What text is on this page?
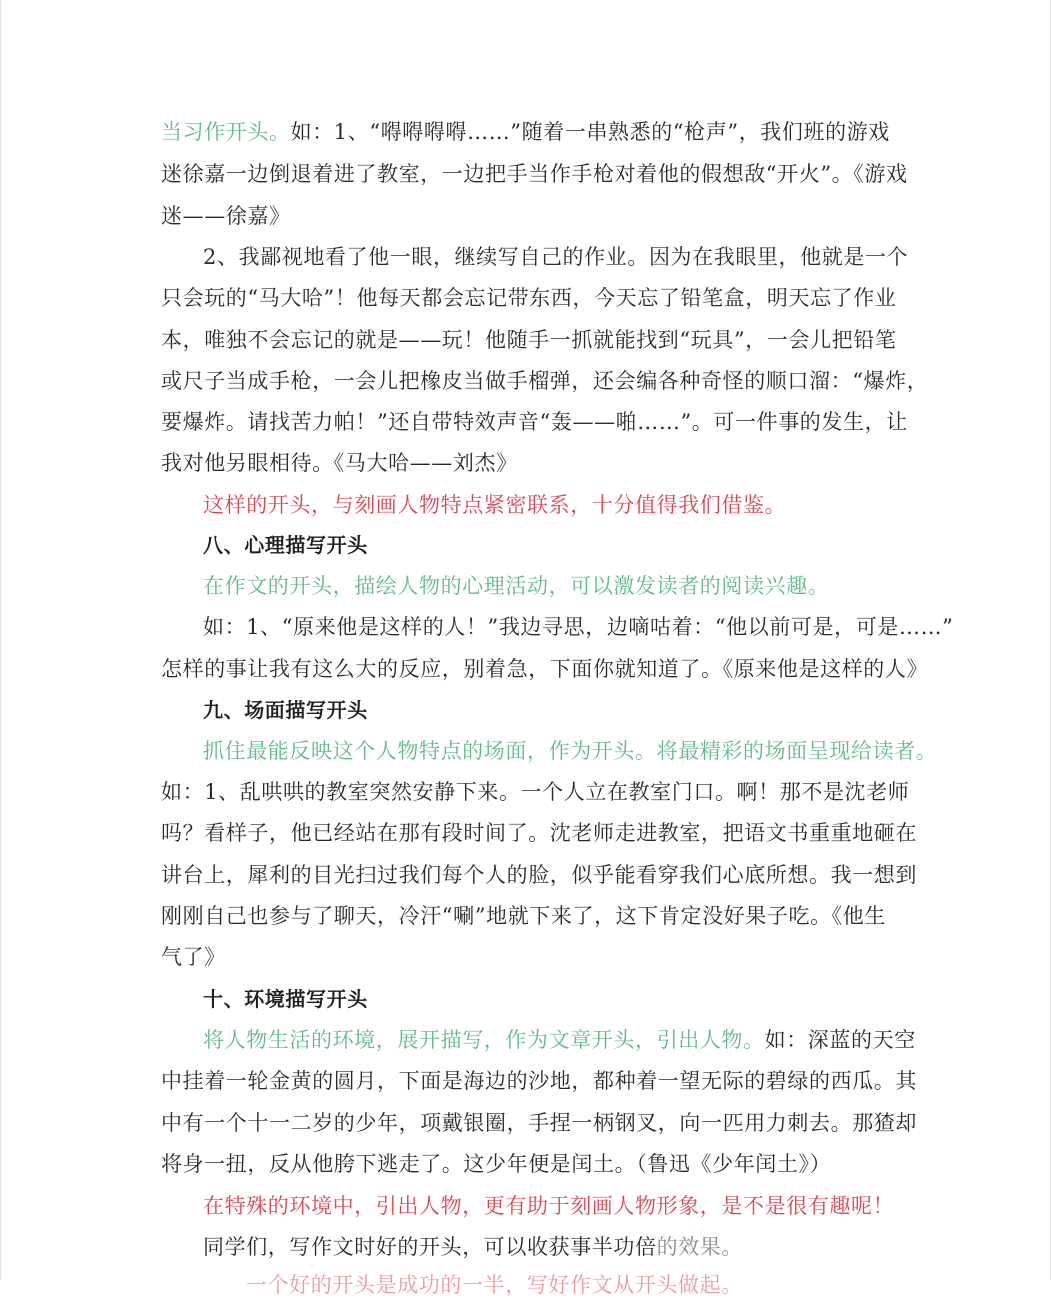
当习作开头。如：1、“嘚嘚嘚嘚……”随着一串熟悉的“枪声”，我们班的游戏
迷徐嘉一边倒退着进了教室，一边把手当作手枪对着他的假想敌“开火”。《游戏
迷——徐嘉》
2、我鄙视地看了他一眼，继续写自己的作业。因为在我眼里，他就是一个
只会玩的“马大哈”！他每天都会忘记带东西，今天忘了铅笔盒，明天忘了作业
本，唯独不会忘记的就是——玩！他随手一抓就能找到“玩具”，一会儿把铅笔
或尺子当成手枪，一会儿把橡皮当做手榴弹，还会编各种奇怪的顺口溜：“爆炸，
要爆炸。请找苦力帕！”还自带特效声音“轰——啪……”。可一件事的发生，让
我对他另眼相待。《马大哈——刘杰》
这样的开头，与刻画人物特点紧密联系，十分值得我们借鉴。
八、心理描写开头
在作文的开头，描绘人物的心理活动，可以激发读者的阅读兴趣。
如：1、“原来他是这样的人！”我边寻思，边嘀咕着：“他以前可是，可是……”
怎样的事让我有这么大的反应，别着急，下面你就知道了。《原来他是这样的人》
九、场面描写开头
抓住最能反映这个人物特点的场面，作为开头。将最精彩的场面呈现给读者。
如：1、乱哄哄的教室突然安静下来。一个人立在教室门口。啊！那不是沈老师
吗？看样子，他已经站在那有段时间了。沈老师走进教室，把语文书重重地砸在
讲台上，犀利的目光扫过我们每个人的脸，似乎能看穿我们心底所想。我一想到
刚刚自己也参与了聊天，冷汗“唰”地就下来了，这下肯定没好果子吃。《他生
气了》
十、环境描写开头
将人物生活的环境，展开描写，作为文章开头，引出人物。如：深蓝的天空
中挂着一轮金黄的圆月，下面是海边的沙地，都种着一望无际的碧绿的西瓜。其
中有一个十一二岁的少年，项戴银圈，手捏一柄钢叉，向一匹用力刺去。那猹却
将身一扭，反从他胯下逃走了。这少年便是闰土。（鲁迅《少年闰土》）
在特殊的环境中，引出人物，更有助于刻画人物形象，是不是很有趣呢！
同学们，写作文时好的开头，可以收获事半功倍的效果。
一个好的开头是成功的一半，写好作文从开头做起。
